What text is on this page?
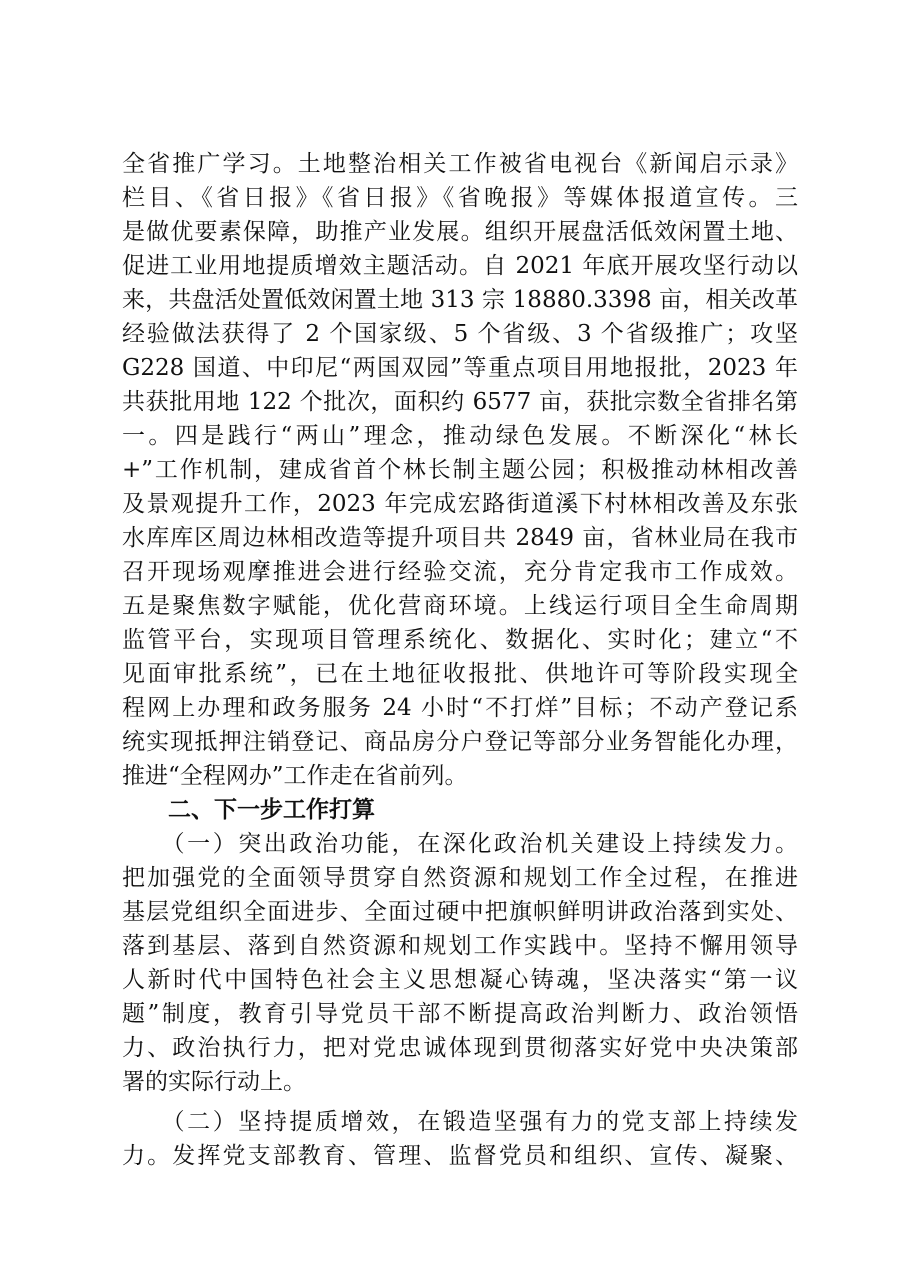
全省推广学习。土地整治相关工作被省电视台《新闻启示录》
栏目、《省日报》《省日报》《省晚报》等媒体报道宣传。三
是做优要素保障，助推产业发展。组织开展盘活低效闲置土地、
促进工业用地提质增效主题活动。自 2021 年底开展攻坚行动以
来，共盘活处置低效闲置土地 313 宗 18880.3398 亩，相关改革
经验做法获得了 2 个国家级、5 个省级、3 个省级推广；攻坚
G228 国道、中印尼“两国双园”等重点项目用地报批，2023 年
共获批用地 122 个批次，面积约 6577 亩，获批宗数全省排名第
一。四是践行“两山”理念，推动绿色发展。不断深化“林长
+”工作机制，建成省首个林长制主题公园；积极推动林相改善
及景观提升工作，2023 年完成宏路街道溪下村林相改善及东张
水库库区周边林相改造等提升项目共 2849 亩，省林业局在我市
召开现场观摩推进会进行经验交流，充分肯定我市工作成效。
五是聚焦数字赋能，优化营商环境。上线运行项目全生命周期
监管平台，实现项目管理系统化、数据化、实时化；建立“不
见面审批系统”，已在土地征收报批、供地许可等阶段实现全
程网上办理和政务服务 24 小时“不打烊”目标；不动产登记系
统实现抵押注销登记、商品房分户登记等部分业务智能化办理，
推进“全程网办”工作走在省前列。
　　二、下一步工作打算
　　（一）突出政治功能，在深化政治机关建设上持续发力。
把加强党的全面领导贯穿自然资源和规划工作全过程，在推进
基层党组织全面进步、全面过硬中把旗帜鲜明讲政治落到实处、
落到基层、落到自然资源和规划工作实践中。坚持不懈用领导
人新时代中国特色社会主义思想凝心铸魂，坚决落实“第一议
题”制度，教育引导党员干部不断提高政治判断力、政治领悟
力、政治执行力，把对党忠诚体现到贯彻落实好党中央决策部
署的实际行动上。
　　（二）坚持提质增效，在锻造坚强有力的党支部上持续发
力。发挥党支部教育、管理、监督党员和组织、宣传、凝聚、
